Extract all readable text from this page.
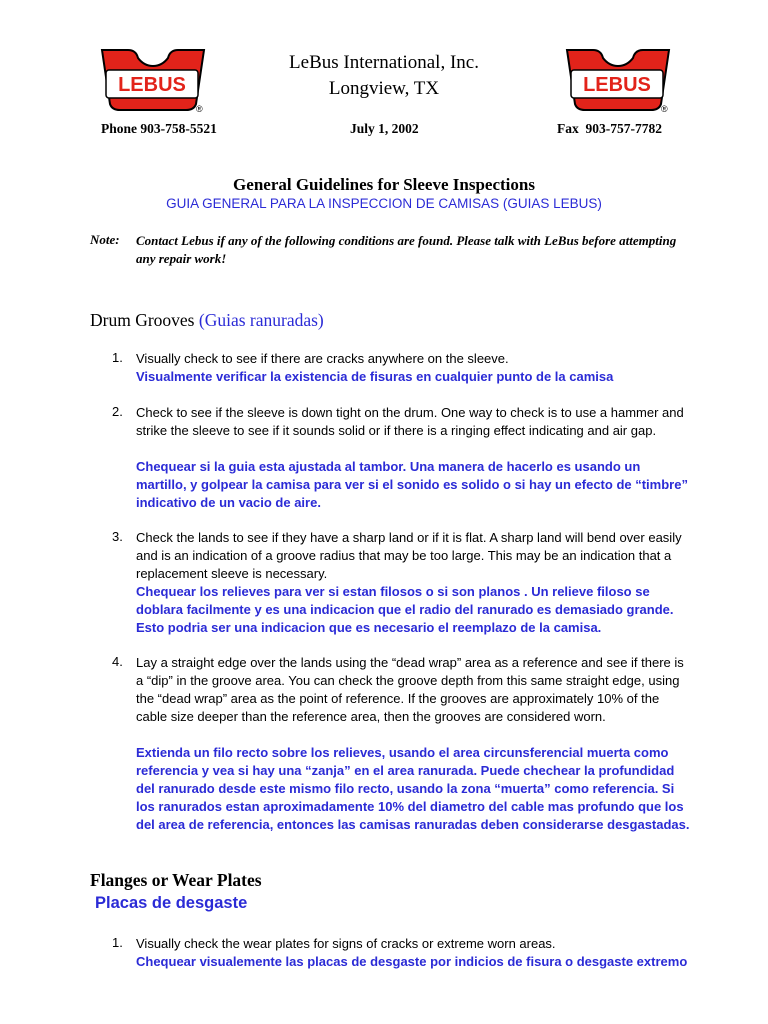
LEBUS
®
LEBUS
®
LeBus International, Inc.
Longview, TX
Phone 903-758-5521	July 1, 2002	Fax  903-757-7782
General Guidelines for Sleeve Inspections
GUIA GENERAL PARA LA INSPECCION DE CAMISAS (GUIAS LEBUS)
Note: Contact Lebus if any of the following conditions are found. Please talk with LeBus before attempting any repair work!
Drum Grooves (Guias ranuradas)
1. Visually check to see if there are cracks anywhere on the sleeve.
Visualmente verificar la existencia de fisuras en cualquier punto de la camisa
2. Check to see if the sleeve is down tight on the drum. One way to check is to use a hammer and strike the sleeve to see if it sounds solid or if there is a ringing effect indicating and air gap.
Chequear si la guia esta ajustada al tambor. Una manera de hacerlo es usando un martillo, y golpear la camisa para ver si el sonido es solido o si hay un efecto de “timbre” indicativo de un vacio de aire.
3. Check the lands to see if they have a sharp land or if it is flat. A sharp land will bend over easily and is an indication of a groove radius that may be too large. This may be an indication that a replacement sleeve is necessary.
Chequear los relieves para ver si estan filosos o si son planos . Un relieve filoso se doblara facilmente y es una indicacion que el radio del ranurado es demasiado grande. Esto podria ser una indicacion que es necesario el reemplazo de la camisa.
4. Lay a straight edge over the lands using the “dead wrap” area as a reference and see if there is a “dip” in the groove area. You can check the groove depth from this same straight edge, using the “dead wrap” area as the point of reference. If the grooves are approximately 10% of the cable size deeper than the reference area, then the grooves are considered worn.
Extienda un filo recto sobre los relieves, usando el area circunsferencial muerta como referencia y vea si hay una “zanja” en el area ranurada. Puede chechear la profundidad del ranurado desde este mismo filo recto, usando la zona “muerta” como referencia. Si los ranurados estan aproximadamente 10% del diametro del cable mas profundo que los del area de referencia, entonces las camisas ranuradas deben considerarse desgastadas.
Flanges or Wear Plates
Placas de desgaste
1. Visually check the wear plates for signs of cracks or extreme worn areas.
Chequear visualemente las placas de desgaste por indicios de fisura o desgaste extremo
